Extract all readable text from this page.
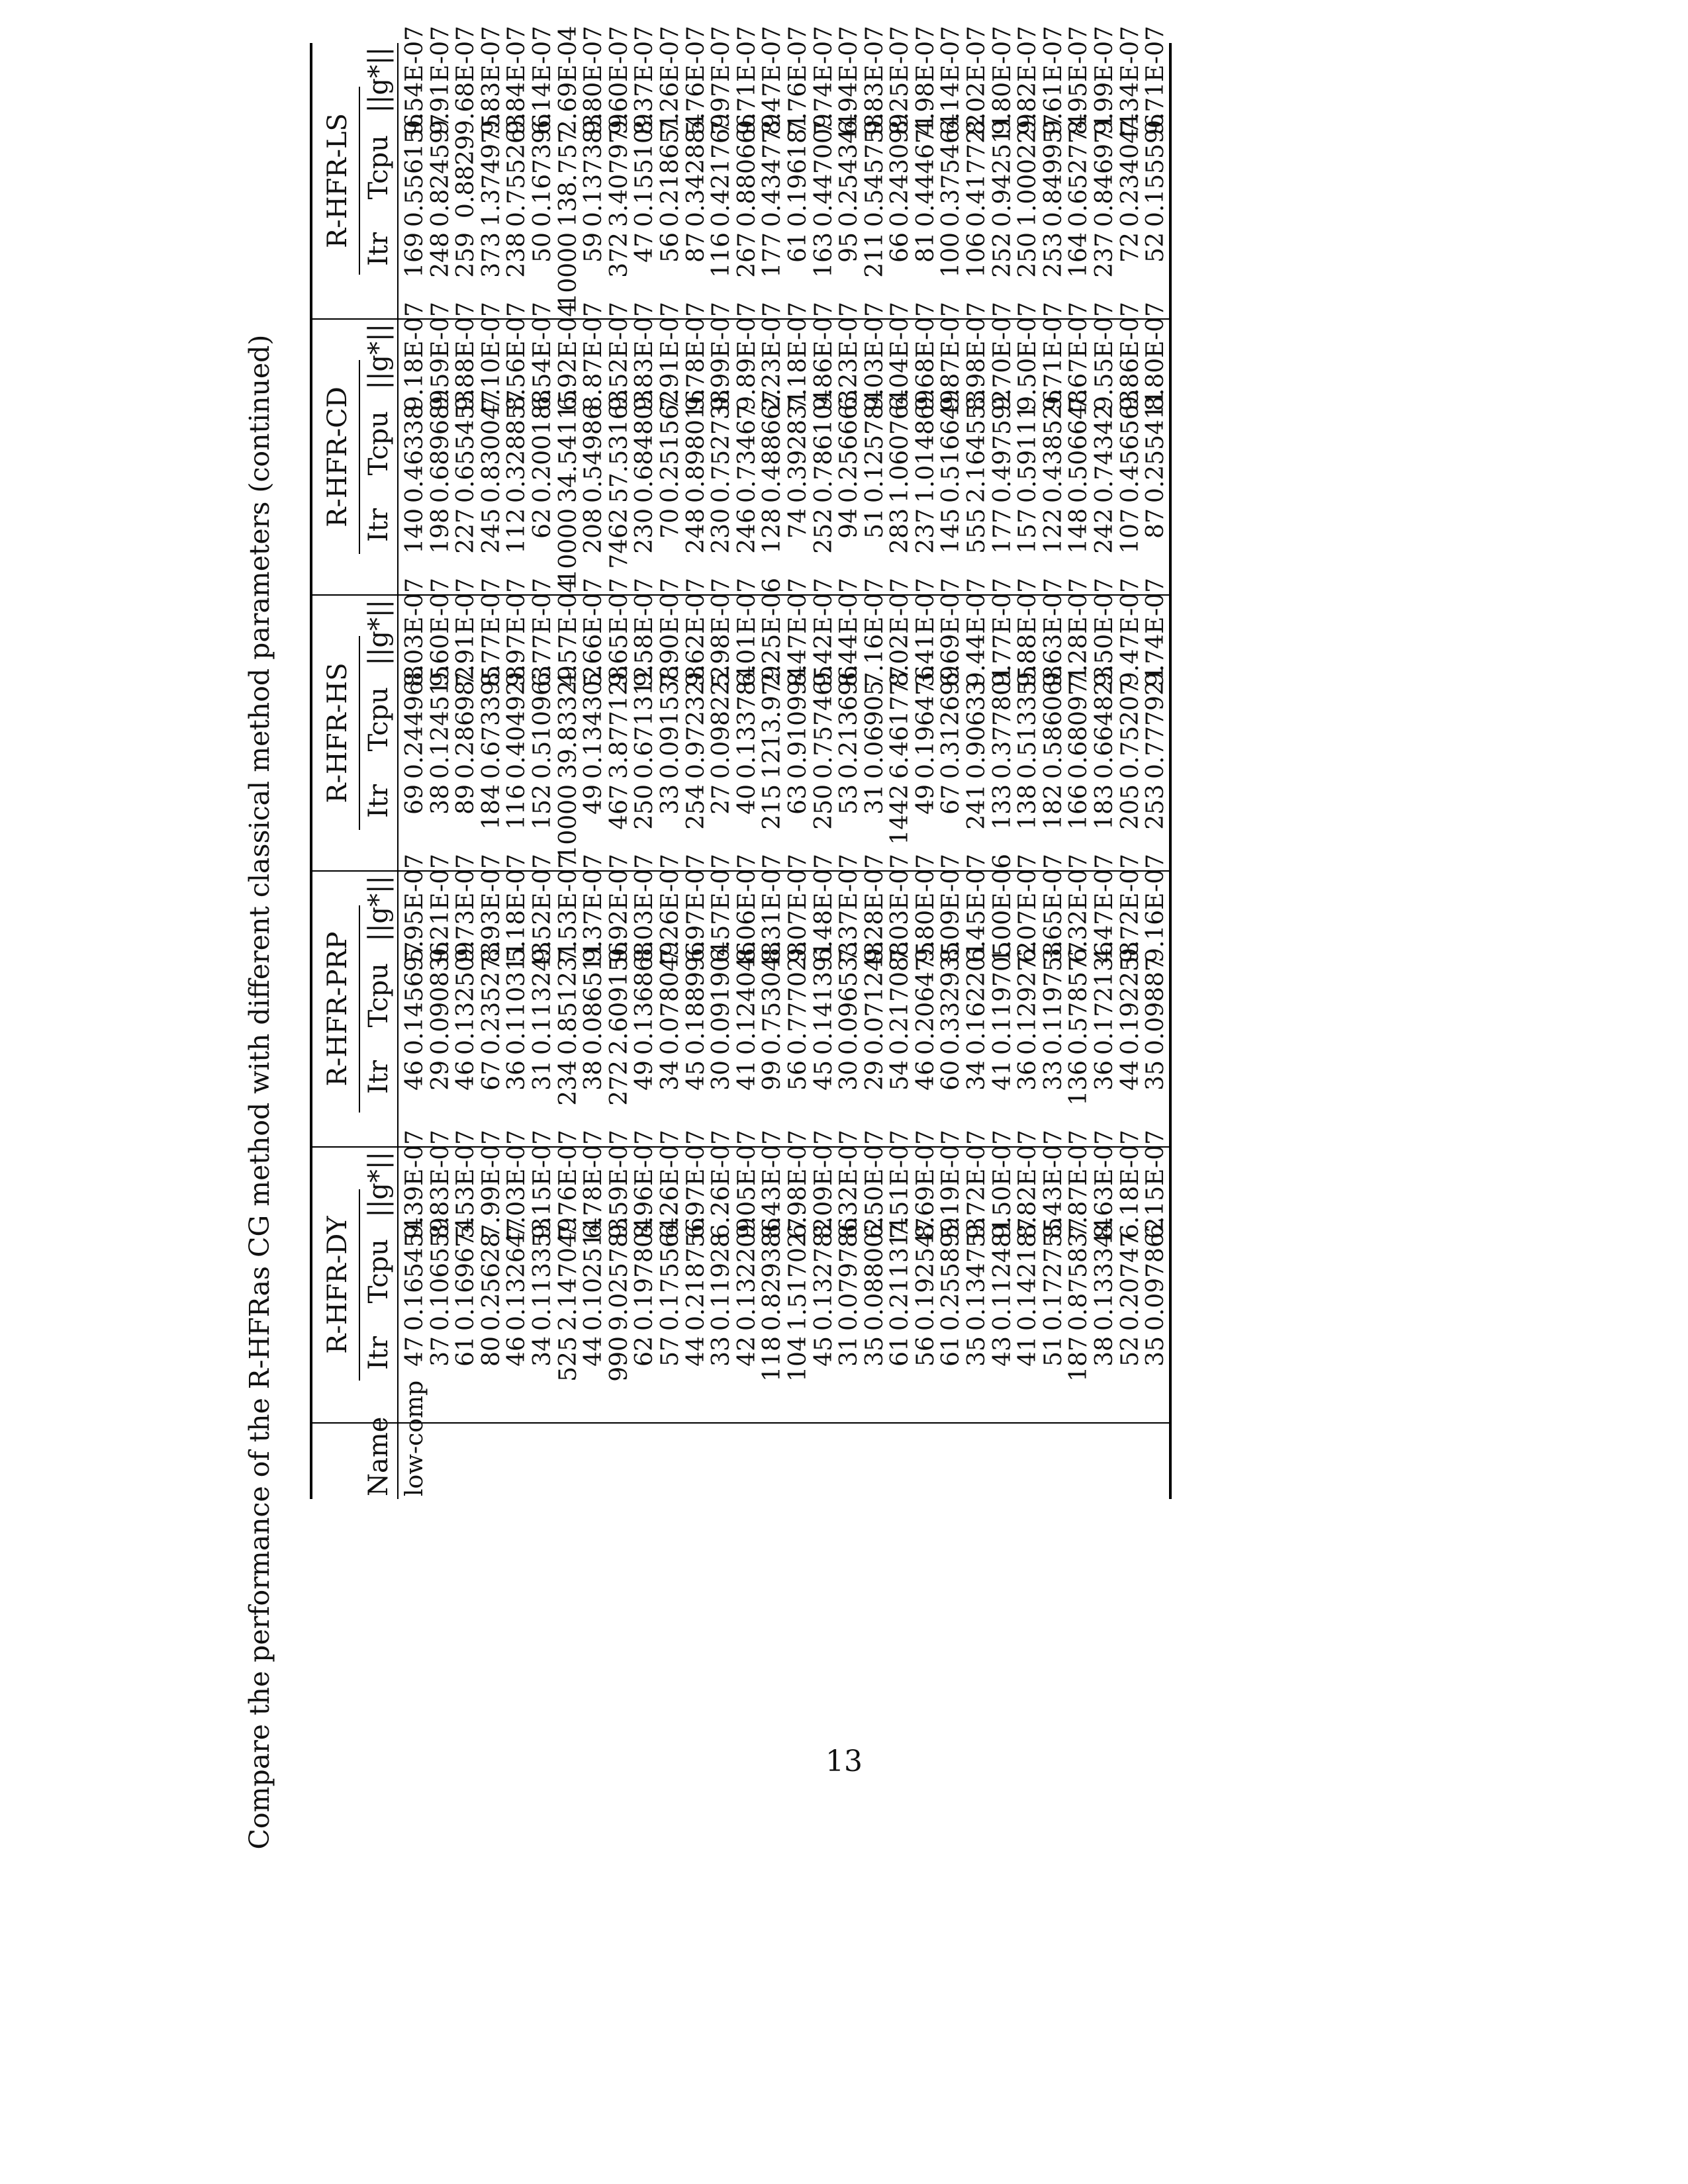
Compare the performance of the R-HFRas CG method with different classical method parameters (continued)
	R-HFR-DY			R-HFR-PRP			R-HFR-HS			R-HFR-CD			R-HFR-LS		
Name	Itr	Tcpu	||g*||	Itr	Tcpu	||g*||	Itr	Tcpu	||g*||	Itr	Tcpu	||g*||	Itr	Tcpu	||g*||
low-comp	47	0.165454	9.39E-07	46	0.145697	5.95E-07	69	0.244968	8.03E-07	140	0.46338	9.18E-07	169	0.556156	9.54E-07
	37	0.106559	8.83E-07	29	0.090836	9.21E-07	38	0.124515	9.60E-07	198	0.689689	9.59E-07	248	0.824597	9.91E-07
	61	0.169674	5.53E-07	46	0.132509	9.73E-07	89	0.286982	7.91E-07	227	0.655453	9.88E-07	259	0.8829	9.68E-07
	80	0.25628	7.99E-07	67	0.235273	8.93E-07	184	0.673395	8.77E-07	245	0.830047	7.10E-07	373	1.374975	9.83E-07
	46	0.132647	7.03E-07	36	0.110311	5.18E-07	116	0.404928	9.97E-07	112	0.328857	8.56E-07	238	0.755263	9.84E-07
	34	0.113353	9.15E-07	31	0.113243	9.52E-07	152	0.510963	6.77E-07	62	0.200188	6.54E-07	50	0.167396	6.14E-07
	525	2.147049	7.76E-07	234	0.851231	7.53E-07	10000	39.83329	4.57E-04	10000	34.54115	6.92E-04	10000	138.757	2.69E-04
	44	0.102514	6.78E-07	38	0.086511	9.37E-07	49	0.134302	5.66E-07	208	0.54986	8.87E-07	59	0.137383	9.80E-07
	990	9.025783	9.59E-07	272	2.609156	9.92E-07	467	3.877128	9.65E-07	7462	57.53163	9.52E-07	372	3.407979	9.60E-07
	62	0.197804	8.96E-07	49	0.136868	8.03E-07	250	0.671312	9.58E-07	230	0.684803	9.83E-07	47	0.155109	8.37E-07
	57	0.175564	6.26E-07	34	0.078049	7.26E-07	33	0.091538	7.90E-07	70	0.251562	7.91E-07	56	0.218651	7.26E-07
	44	0.218756	6.97E-07	45	0.188996	6.97E-07	254	0.972328	9.62E-07	248	0.898016	9.78E-07	87	0.342884	5.76E-07
	33	0.11928	6.26E-07	30	0.091904	6.57E-07	27	0.098222	5.98E-07	230	0.752738	9.99E-07	116	0.421769	7.97E-07
	42	0.132209	9.05E-07	41	0.124046	8.06E-07	40	0.133784	6.01E-07	246	0.73467	9.89E-07	267	0.880666	9.71E-07
	118	0.829386	8.43E-07	99	0.753048	8.31E-07	215	1213.979	2.25E-06	128	0.488667	2.23E-07	177	0.434779	8.47E-07
	104	1.517027	6.98E-07	56	0.777028	9.07E-07	63	0.910994	8.47E-07	74	0.392831	7.18E-07	61	0.196181	7.76E-07
	45	0.132782	8.09E-07	45	0.141391	6.48E-07	250	0.757465	9.42E-07	252	0.786104	9.86E-07	163	0.447009	7.74E-07
	31	0.079786	8.32E-07	30	0.096533	7.37E-07	53	0.213696	8.44E-07	94	0.256663	6.23E-07	95	0.254344	6.94E-07
	35	0.088002	6.50E-07	29	0.071248	9.28E-07	31	0.06905	7.16E-07	51	0.125784	9.03E-07	211	0.545758	9.83E-07
	61	0.211314	7.51E-07	54	0.217088	7.03E-07	1442	6.461777	8.02E-07	283	1.060764	6.04E-07	66	0.243099	8.25E-07
	56	0.192547	8.69E-07	46	0.206475	9.80E-07	49	0.196476	3.41E-07	237	1.014869	9.68E-07	81	0.444671	4.98E-07
	61	0.255899	5.19E-07	60	0.332935	8.09E-07	67	0.312699	6.69E-07	145	0.516649	9.87E-07	100	0.375464	6.14E-07
	35	0.134753	9.72E-07	34	0.162201	6.45E-07	241	0.90633	9.44E-07	555	2.164553	8.98E-07	106	0.417722	8.02E-07
	43	0.112481	9.50E-07	41	0.119705	1.00E-06	133	0.377801	9.77E-07	177	0.497592	9.70E-07	252	0.942511	9.80E-07
	41	0.142187	8.82E-07	36	0.129272	6.07E-07	138	0.513355	9.88E-07	157	0.59111	9.50E-07	250	1.000229	9.82E-07
	51	0.172755	8.43E-07	33	0.119758	3.65E-07	182	0.586068	9.63E-07	122	0.438526	9.71E-07	253	0.849957	9.61E-07
	187	0.875837	7.87E-07	136	0.578577	6.32E-07	166	0.680971	7.28E-07	148	0.506648	7.67E-07	164	0.652774	8.95E-07
	38	0.133344	8.63E-07	36	0.172136	4.47E-07	183	0.664823	9.50E-07	242	0.74342	9.55E-07	237	0.846971	9.99E-07
	52	0.20747	6.18E-07	44	0.192258	9.72E-07	205	0.75207	9.47E-07	107	0.456563	9.86E-07	72	0.234044	7.34E-07
	35	0.097862	6.15E-07	35	0.09887	9.16E-07	253	0.777921	9.74E-07	87	0.255411	8.80E-07	52	0.155596	9.71E-07
13
